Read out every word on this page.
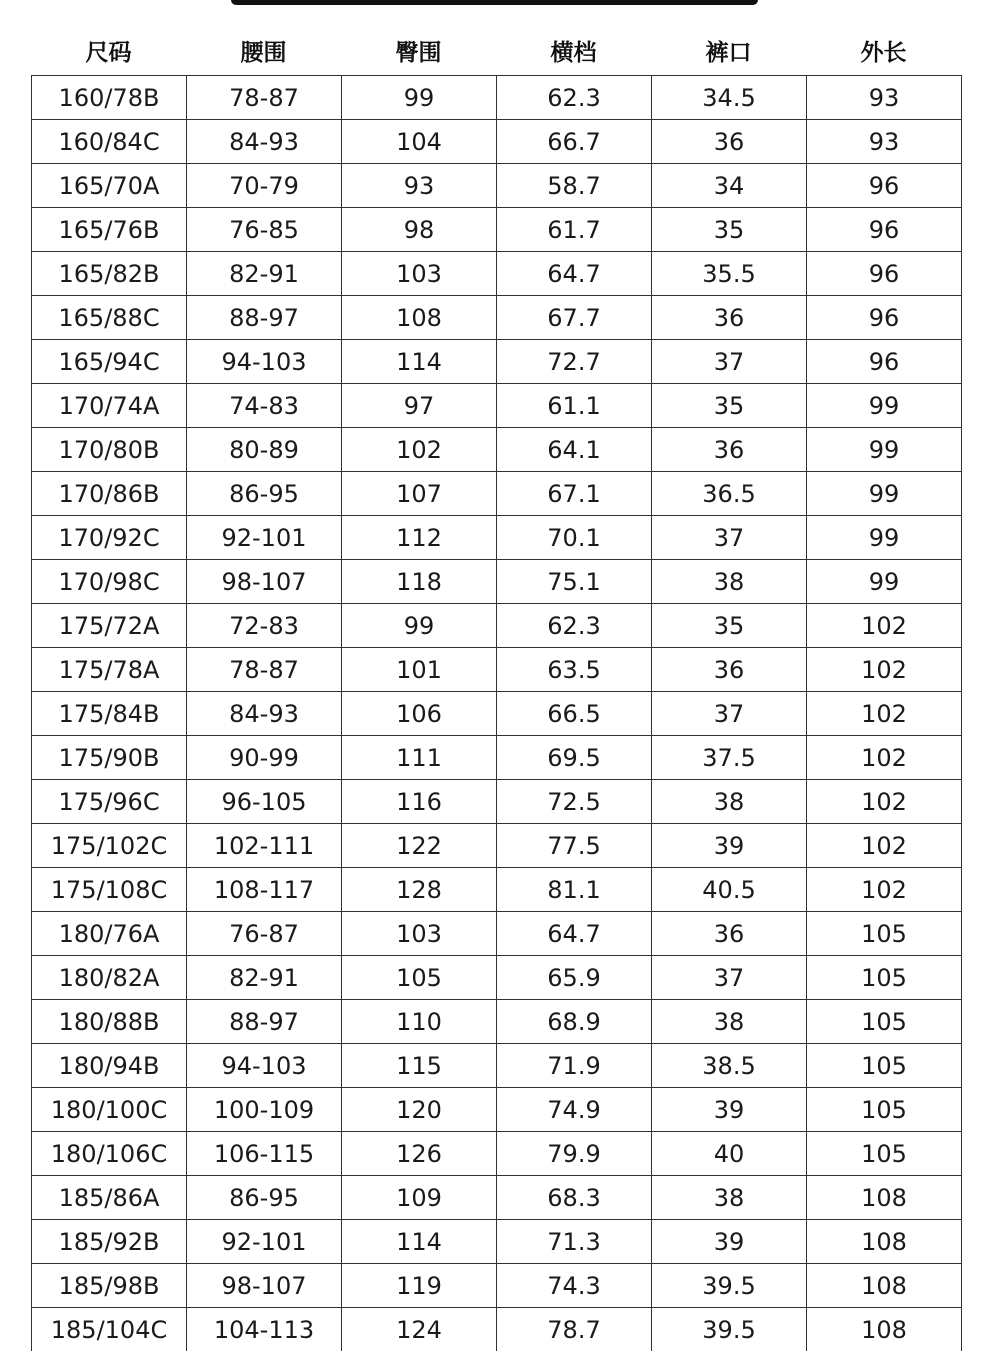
尺码	腰围	臀围	横档	裤口	外长
160/78B	78-87	99	62.3	34.5	93
160/84C	84-93	104	66.7	36	93
165/70A	70-79	93	58.7	34	96
165/76B	76-85	98	61.7	35	96
165/82B	82-91	103	64.7	35.5	96
165/88C	88-97	108	67.7	36	96
165/94C	94-103	114	72.7	37	96
170/74A	74-83	97	61.1	35	99
170/80B	80-89	102	64.1	36	99
170/86B	86-95	107	67.1	36.5	99
170/92C	92-101	112	70.1	37	99
170/98C	98-107	118	75.1	38	99
175/72A	72-83	99	62.3	35	102
175/78A	78-87	101	63.5	36	102
175/84B	84-93	106	66.5	37	102
175/90B	90-99	111	69.5	37.5	102
175/96C	96-105	116	72.5	38	102
175/102C	102-111	122	77.5	39	102
175/108C	108-117	128	81.1	40.5	102
180/76A	76-87	103	64.7	36	105
180/82A	82-91	105	65.9	37	105
180/88B	88-97	110	68.9	38	105
180/94B	94-103	115	71.9	38.5	105
180/100C	100-109	120	74.9	39	105
180/106C	106-115	126	79.9	40	105
185/86A	86-95	109	68.3	38	108
185/92B	92-101	114	71.3	39	108
185/98B	98-107	119	74.3	39.5	108
185/104C	104-113	124	78.7	39.5	108
